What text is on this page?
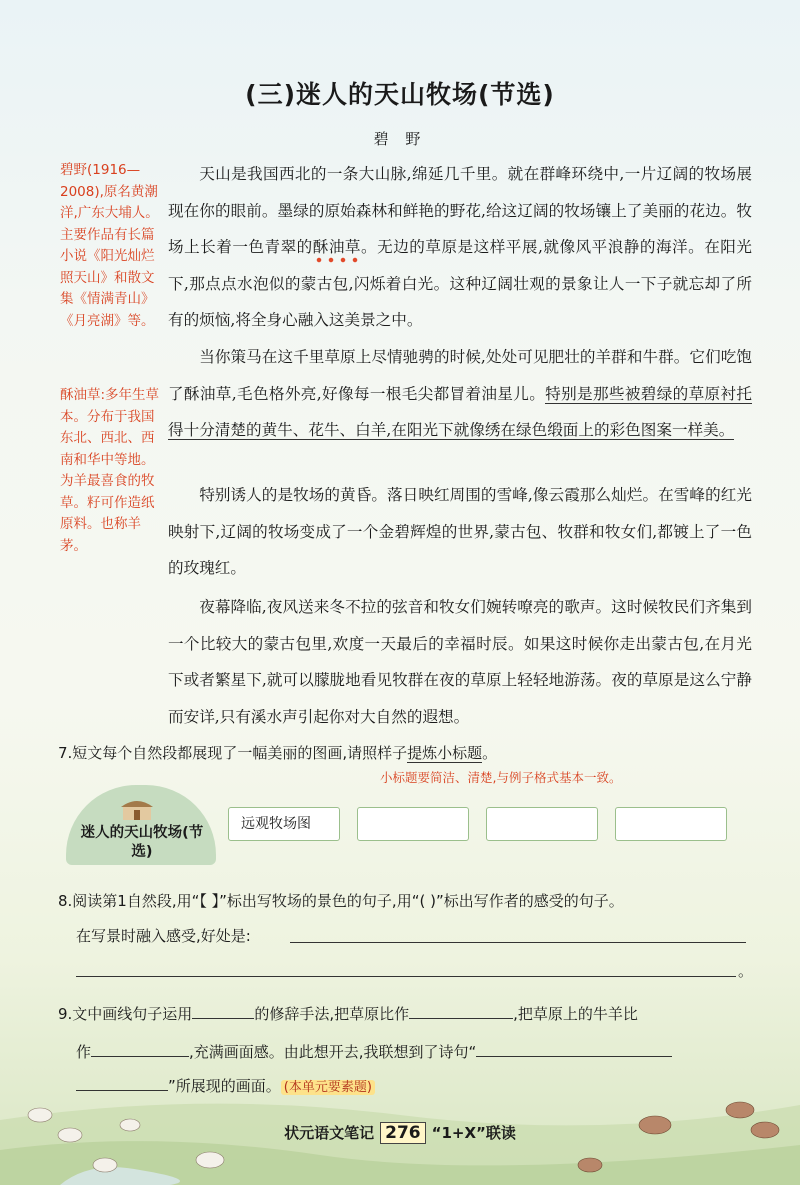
(三)迷人的天山牧场(节选)
碧 野
碧野(1916—2008),原名黄潮洋,广东大埔人。主要作品有长篇小说《阳光灿烂照天山》和散文集《情满青山》《月亮湖》等。
酥油草:多年生草本。分布于我国东北、西北、西南和华中等地。为羊最喜食的牧草。籽可作造纸原料。也称羊茅。

天山是我国西北的一条大山脉,绵延几千里。就在群峰环绕中,一片辽阔的牧场展现在你的眼前。墨绿的原始森林和鲜艳的野花,给这辽阔的牧场镶上了美丽的花边。牧场上长着一色青翠的酥油草。无边的草原是这样平展,就像风平浪静的海洋。在阳光下,那点点水泡似的蒙古包,闪烁着白光。这种辽阔壮观的景象让人一下子就忘却了所有的烦恼,将全身心融入这美景之中。

当你策马在这千里草原上尽情驰骋的时候,处处可见肥壮的羊群和牛群。它们吃饱了酥油草,毛色格外亮,好像每一根毛尖都冒着油星儿。特别是那些被碧绿的草原衬托得十分清楚的黄牛、花牛、白羊,在阳光下就像绣在绿色缎面上的彩色图案一样美。

特别诱人的是牧场的黄昏。落日映红周围的雪峰,像云霞那么灿烂。在雪峰的红光映射下,辽阔的牧场变成了一个金碧辉煌的世界,蒙古包、牧群和牧女们,都镀上了一色的玫瑰红。

夜幕降临,夜风送来冬不拉的弦音和牧女们婉转嘹亮的歌声。这时候牧民们齐集到一个比较大的蒙古包里,欢度一天最后的幸福时辰。如果这时候你走出蒙古包,在月光下或者繁星下,就可以朦胧地看见牧群在夜的草原上轻轻地游荡。夜的草原是这么宁静而安详,只有溪水声引起你对大自然的遐想。

7.短文每个自然段都展现了一幅美丽的图画,请照样子提炼小标题。
小标题要简洁、清楚,与例子格式基本一致。
迷人的天山牧场(节选)
远观牧场图
8.阅读第1自然段,用“【 】”标出写牧场的景色的句子,用“( )”标出写作者的感受的句子。
在写景时融入感受,好处是:
。
9.文中画线句子运用	的修辞手法,把草原比作	,把草原上的牛羊比
作	,充满画面感。由此想开去,我联想到了诗句“
”所展现的画面。 (本单元要素题)
状元语文笔记 276 “1+X”联读
